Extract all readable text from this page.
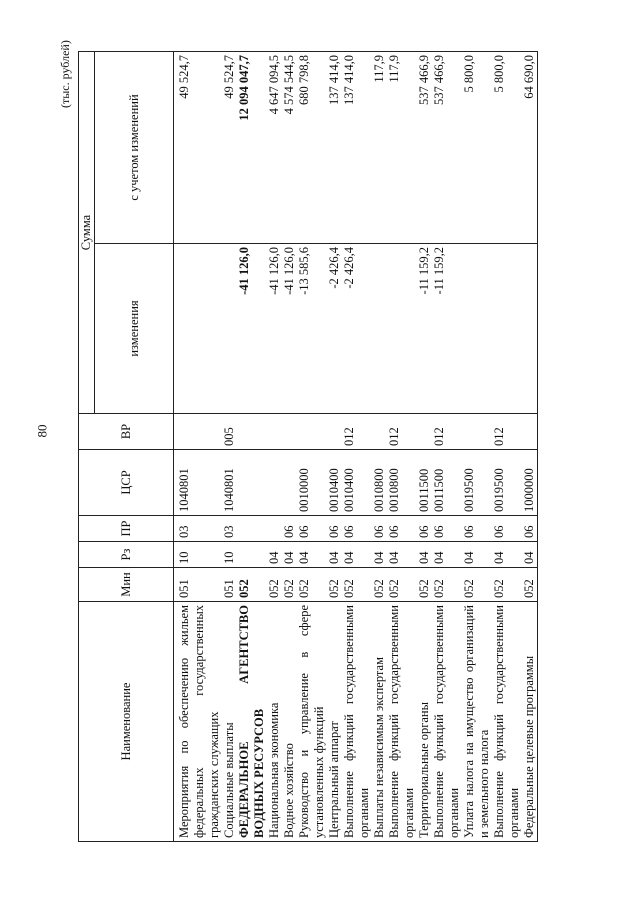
80
(тыс. рублей)
Наименование	Мин	Рз	ПР	ЦСР	ВР	Сумма	
						изменения	с учетом изменений
Мероприятия по обеспечению жильем федеральных государственных гражданских служащих	051	10	03	1040801			49 524,7
Социальные выплаты	051	10	03	1040801	005		49 524,7
ФЕДЕРАЛЬНОЕ АГЕНТСТВО ВОДНЫХ РЕСУРСОВ	052					-41 126,0	12 094 047,7
Национальная экономика	052	04				-41 126,0	4 647 094,5
Водное хозяйство	052	04	06			-41 126,0	4 574 544,5
Руководство и управление в сфере установленных функций	052	04	06	0010000		-13 585,6	680 798,8
Центральный аппарат	052	04	06	0010400		-2 426,4	137 414,0
Выполнение функций государственными органами	052	04	06	0010400	012	-2 426,4	137 414,0
Выплаты независимым экспертам	052	04	06	0010800			117,9
Выполнение функций государственными органами	052	04	06	0010800	012		117,9
Территориальные органы	052	04	06	0011500		-11 159,2	537 466,9
Выполнение функций государственными органами	052	04	06	0011500	012	-11 159,2	537 466,9
Уплата налога на имущество организаций и земельного налога	052	04	06	0019500			5 800,0
Выполнение функций государственными органами	052	04	06	0019500	012		5 800,0
Федеральные целевые программы	052	04	06	1000000			64 690,0
